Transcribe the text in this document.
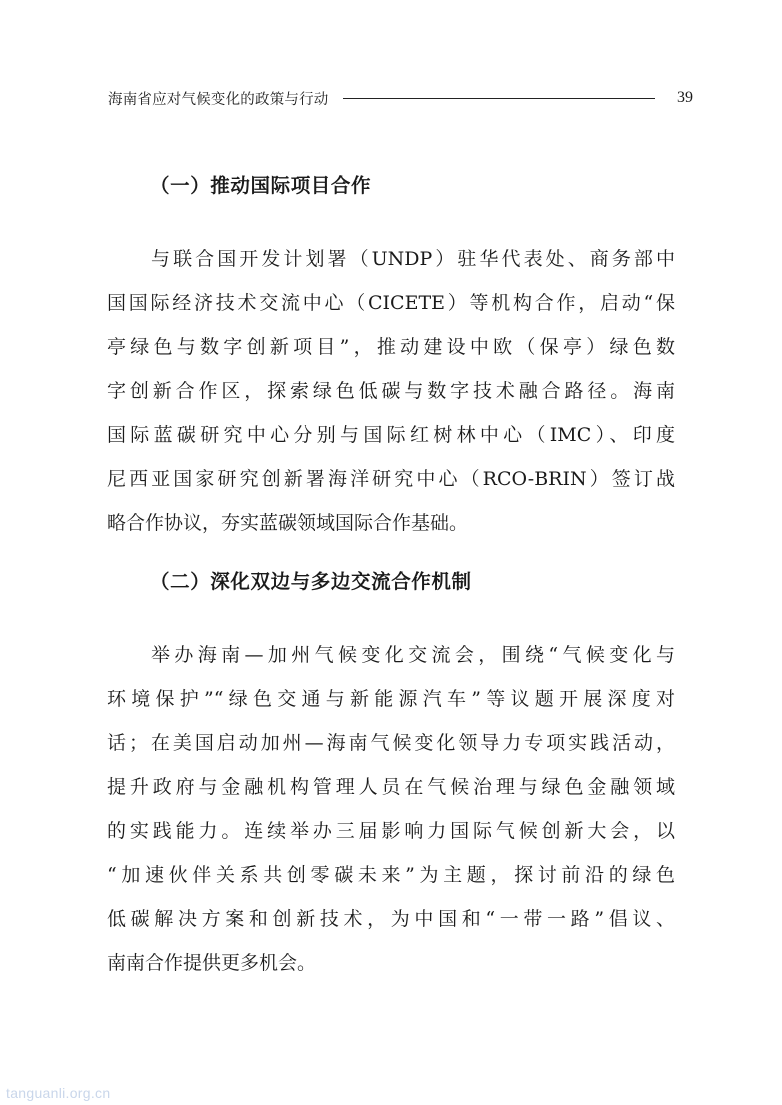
海南省应对气候变化的政策与行动	39
（一）推动国际项目合作
与联合国开发计划署（UNDP）驻华代表处、商务部中
国国际经济技术交流中心（CICETE）等机构合作，启动“保
亭绿色与数字创新项目”，推动建设中欧（保亭）绿色数
字创新合作区，探索绿色低碳与数字技术融合路径。海南
国际蓝碳研究中心分别与国际红树林中心（IMC）、印度
尼西亚国家研究创新署海洋研究中心（RCO-BRIN）签订战
略合作协议，夯实蓝碳领域国际合作基础。
（二）深化双边与多边交流合作机制
举办海南—加州气候变化交流会，围绕“气候变化与
环境保护”“绿色交通与新能源汽车”等议题开展深度对
话；在美国启动加州—海南气候变化领导力专项实践活动，
提升政府与金融机构管理人员在气候治理与绿色金融领域
的实践能力。连续举办三届影响力国际气候创新大会，以
“加速伙伴关系共创零碳未来”为主题，探讨前沿的绿色
低碳解决方案和创新技术，为中国和“一带一路”倡议、
南南合作提供更多机会。
tanguanli.org.cn
